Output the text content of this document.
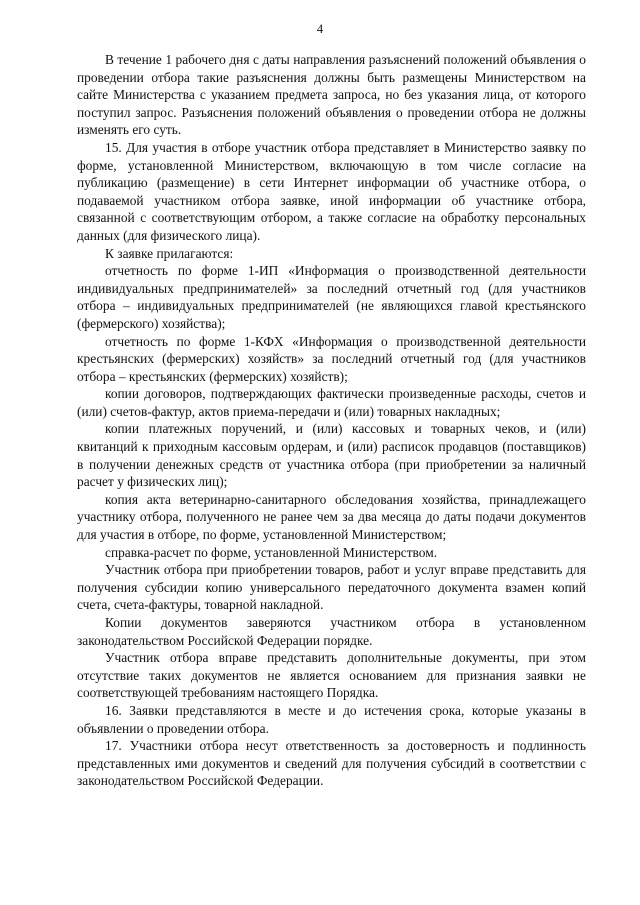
4

В течение 1 рабочего дня с даты направления разъяснений положений объявления о проведении отбора такие разъяснения должны быть размещены Министерством на сайте Министерства с указанием предмета запроса, но без указания лица, от которого поступил запрос. Разъяснения положений объявления о проведении отбора не должны изменять его суть.

15. Для участия в отборе участник отбора представляет в Министерство заявку по форме, установленной Министерством, включающую в том числе согласие на публикацию (размещение) в сети Интернет информации об участнике отбора, о подаваемой участником отбора заявке, иной информации об участнике отбора, связанной с соответствующим отбором, а также согласие на обработку персональных данных (для физического лица).

К заявке прилагаются:

отчетность по форме 1-ИП «Информация о производственной деятельности индивидуальных предпринимателей» за последний отчетный год (для участников отбора – индивидуальных предпринимателей (не являющихся главой крестьянского (фермерского) хозяйства);

отчетность по форме 1-КФХ «Информация о производственной деятельности крестьянских (фермерских) хозяйств» за последний отчетный год (для участников отбора – крестьянских (фермерских) хозяйств);

копии договоров, подтверждающих фактически произведенные расходы, счетов и (или) счетов-фактур, актов приема-передачи и (или) товарных накладных;

копии платежных поручений, и (или) кассовых и товарных чеков, и (или) квитанций к приходным кассовым ордерам, и (или) расписок продавцов (поставщиков) в получении денежных средств от участника отбора (при приобретении за наличный расчет у физических лиц);

копия акта ветеринарно-санитарного обследования хозяйства, принадлежащего участнику отбора, полученного не ранее чем за два месяца до даты подачи документов для участия в отборе, по форме, установленной Министерством;

справка-расчет по форме, установленной Министерством.

Участник отбора при приобретении товаров, работ и услуг вправе представить для получения субсидии копию универсального передаточного документа взамен копий счета, счета-фактуры, товарной накладной.

Копии документов заверяются участником отбора в установленном законодательством Российской Федерации порядке.

Участник отбора вправе представить дополнительные документы, при этом отсутствие таких документов не является основанием для признания заявки не соответствующей требованиям настоящего Порядка.

16. Заявки представляются в месте и до истечения срока, которые указаны в объявлении о проведении отбора.

17. Участники отбора несут ответственность за достоверность и подлинность представленных ими документов и сведений для получения субсидий в соответствии с законодательством Российской Федерации.
